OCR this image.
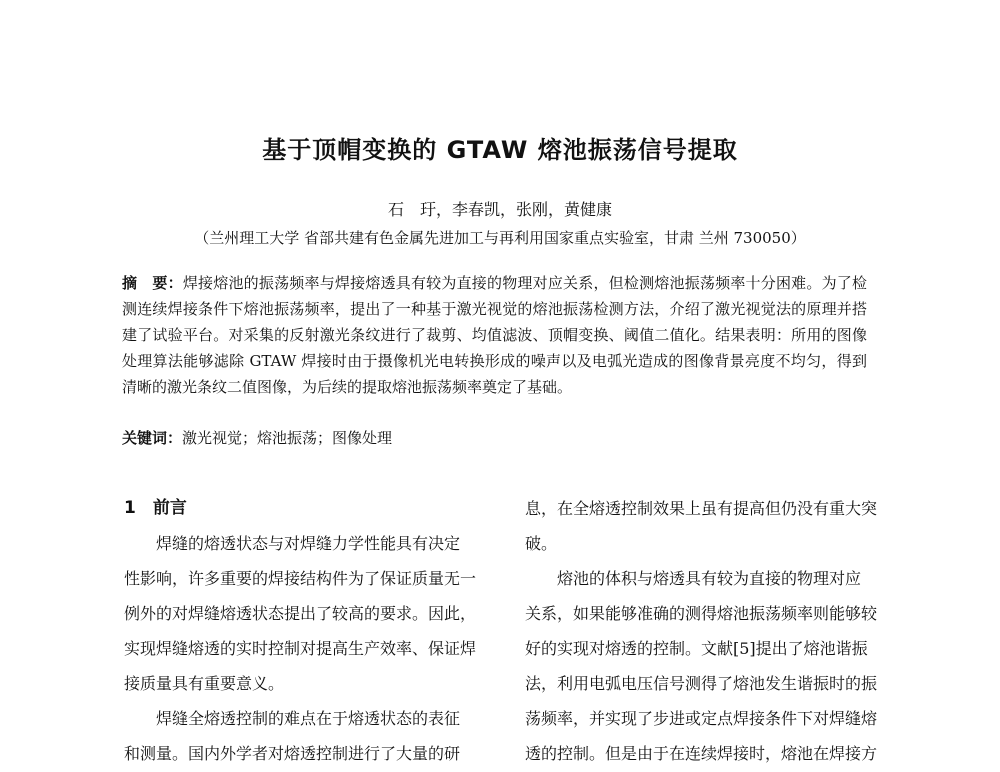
基于顶帽变换的 GTAW 熔池振荡信号提取
石　玗，李春凯，张刚，黄健康
（兰州理工大学 省部共建有色金属先进加工与再利用国家重点实验室，甘肃 兰州 730050）
摘　要：焊接熔池的振荡频率与焊接熔透具有较为直接的物理对应关系，但检测熔池振荡频率十分困难。为了检测连续焊接条件下熔池振荡频率，提出了一种基于激光视觉的熔池振荡检测方法，介绍了激光视觉法的原理并搭建了试验平台。对采集的反射激光条纹进行了裁剪、均值滤波、顶帽变换、阈值二值化。结果表明：所用的图像处理算法能够滤除 GTAW 焊接时由于摄像机光电转换形成的噪声以及电弧光造成的图像背景亮度不均匀，得到清晰的激光条纹二值图像，为后续的提取熔池振荡频率奠定了基础。
关键词：激光视觉；熔池振荡；图像处理
1　前言
焊缝的熔透状态与对焊缝力学性能具有决定
性影响，许多重要的焊接结构件为了保证质量无一
例外的对焊缝熔透状态提出了较高的要求。因此，
实现焊缝熔透的实时控制对提高生产效率、保证焊
接质量具有重要意义。
焊缝全熔透控制的难点在于熔透状态的表征
和测量。国内外学者对熔透控制进行了大量的研
息，在全熔透控制效果上虽有提高但仍没有重大突
破。
熔池的体积与熔透具有较为直接的物理对应
关系，如果能够准确的测得熔池振荡频率则能够较
好的实现对熔透的控制。文献[5]提出了熔池谐振
法，利用电弧电压信号测得了熔池发生谐振时的振
荡频率，并实现了步进或定点焊接条件下对焊缝熔
透的控制。但是由于在连续焊接时，熔池在焊接方
